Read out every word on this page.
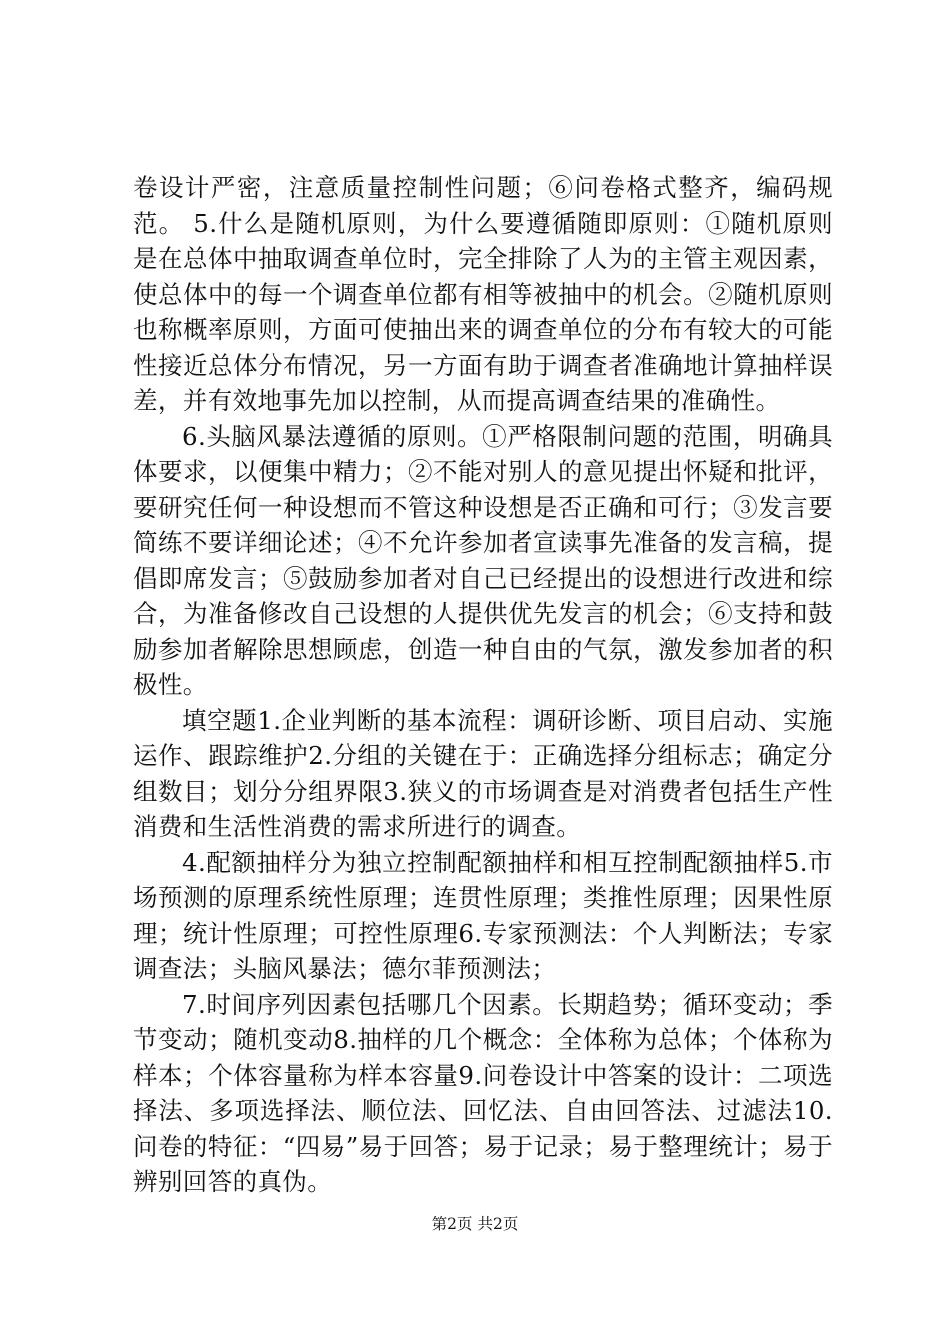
卷设计严密，注意质量控制性问题；⑥问卷格式整齐，编码规范。 5.什么是随机原则，为什么要遵循随即原则：①随机原则是在总体中抽取调查单位时，完全排除了人为的主管主观因素，使总体中的每一个调查单位都有相等被抽中的机会。②随机原则也称概率原则，方面可使抽出来的调查单位的分布有较大的可能性接近总体分布情况，另一方面有助于调查者准确地计算抽样误差，并有效地事先加以控制，从而提高调查结果的准确性。

6.头脑风暴法遵循的原则。①严格限制问题的范围，明确具体要求，以便集中精力；②不能对别人的意见提出怀疑和批评，要研究任何一种设想而不管这种设想是否正确和可行；③发言要简练不要详细论述；④不允许参加者宣读事先准备的发言稿，提倡即席发言；⑤鼓励参加者对自己已经提出的设想进行改进和综合，为准备修改自己设想的人提供优先发言的机会；⑥支持和鼓励参加者解除思想顾虑，创造一种自由的气氛，激发参加者的积极性。

填空题1.企业判断的基本流程：调研诊断、项目启动、实施运作、跟踪维护2.分组的关键在于：正确选择分组标志；确定分组数目；划分分组界限3.狭义的市场调查是对消费者包括生产性消费和生活性消费的需求所进行的调查。

4.配额抽样分为独立控制配额抽样和相互控制配额抽样5.市场预测的原理系统性原理；连贯性原理；类推性原理；因果性原理；统计性原理；可控性原理6.专家预测法：个人判断法；专家调查法；头脑风暴法；德尔菲预测法；

7.时间序列因素包括哪几个因素。长期趋势；循环变动；季节变动；随机变动8.抽样的几个概念：全体称为总体；个体称为样本；个体容量称为样本容量9.问卷设计中答案的设计：二项选择法、多项选择法、顺位法、回忆法、自由回答法、过滤法10.问卷的特征：“四易”易于回答；易于记录；易于整理统计；易于辨别回答的真伪。

第2页 共2页
